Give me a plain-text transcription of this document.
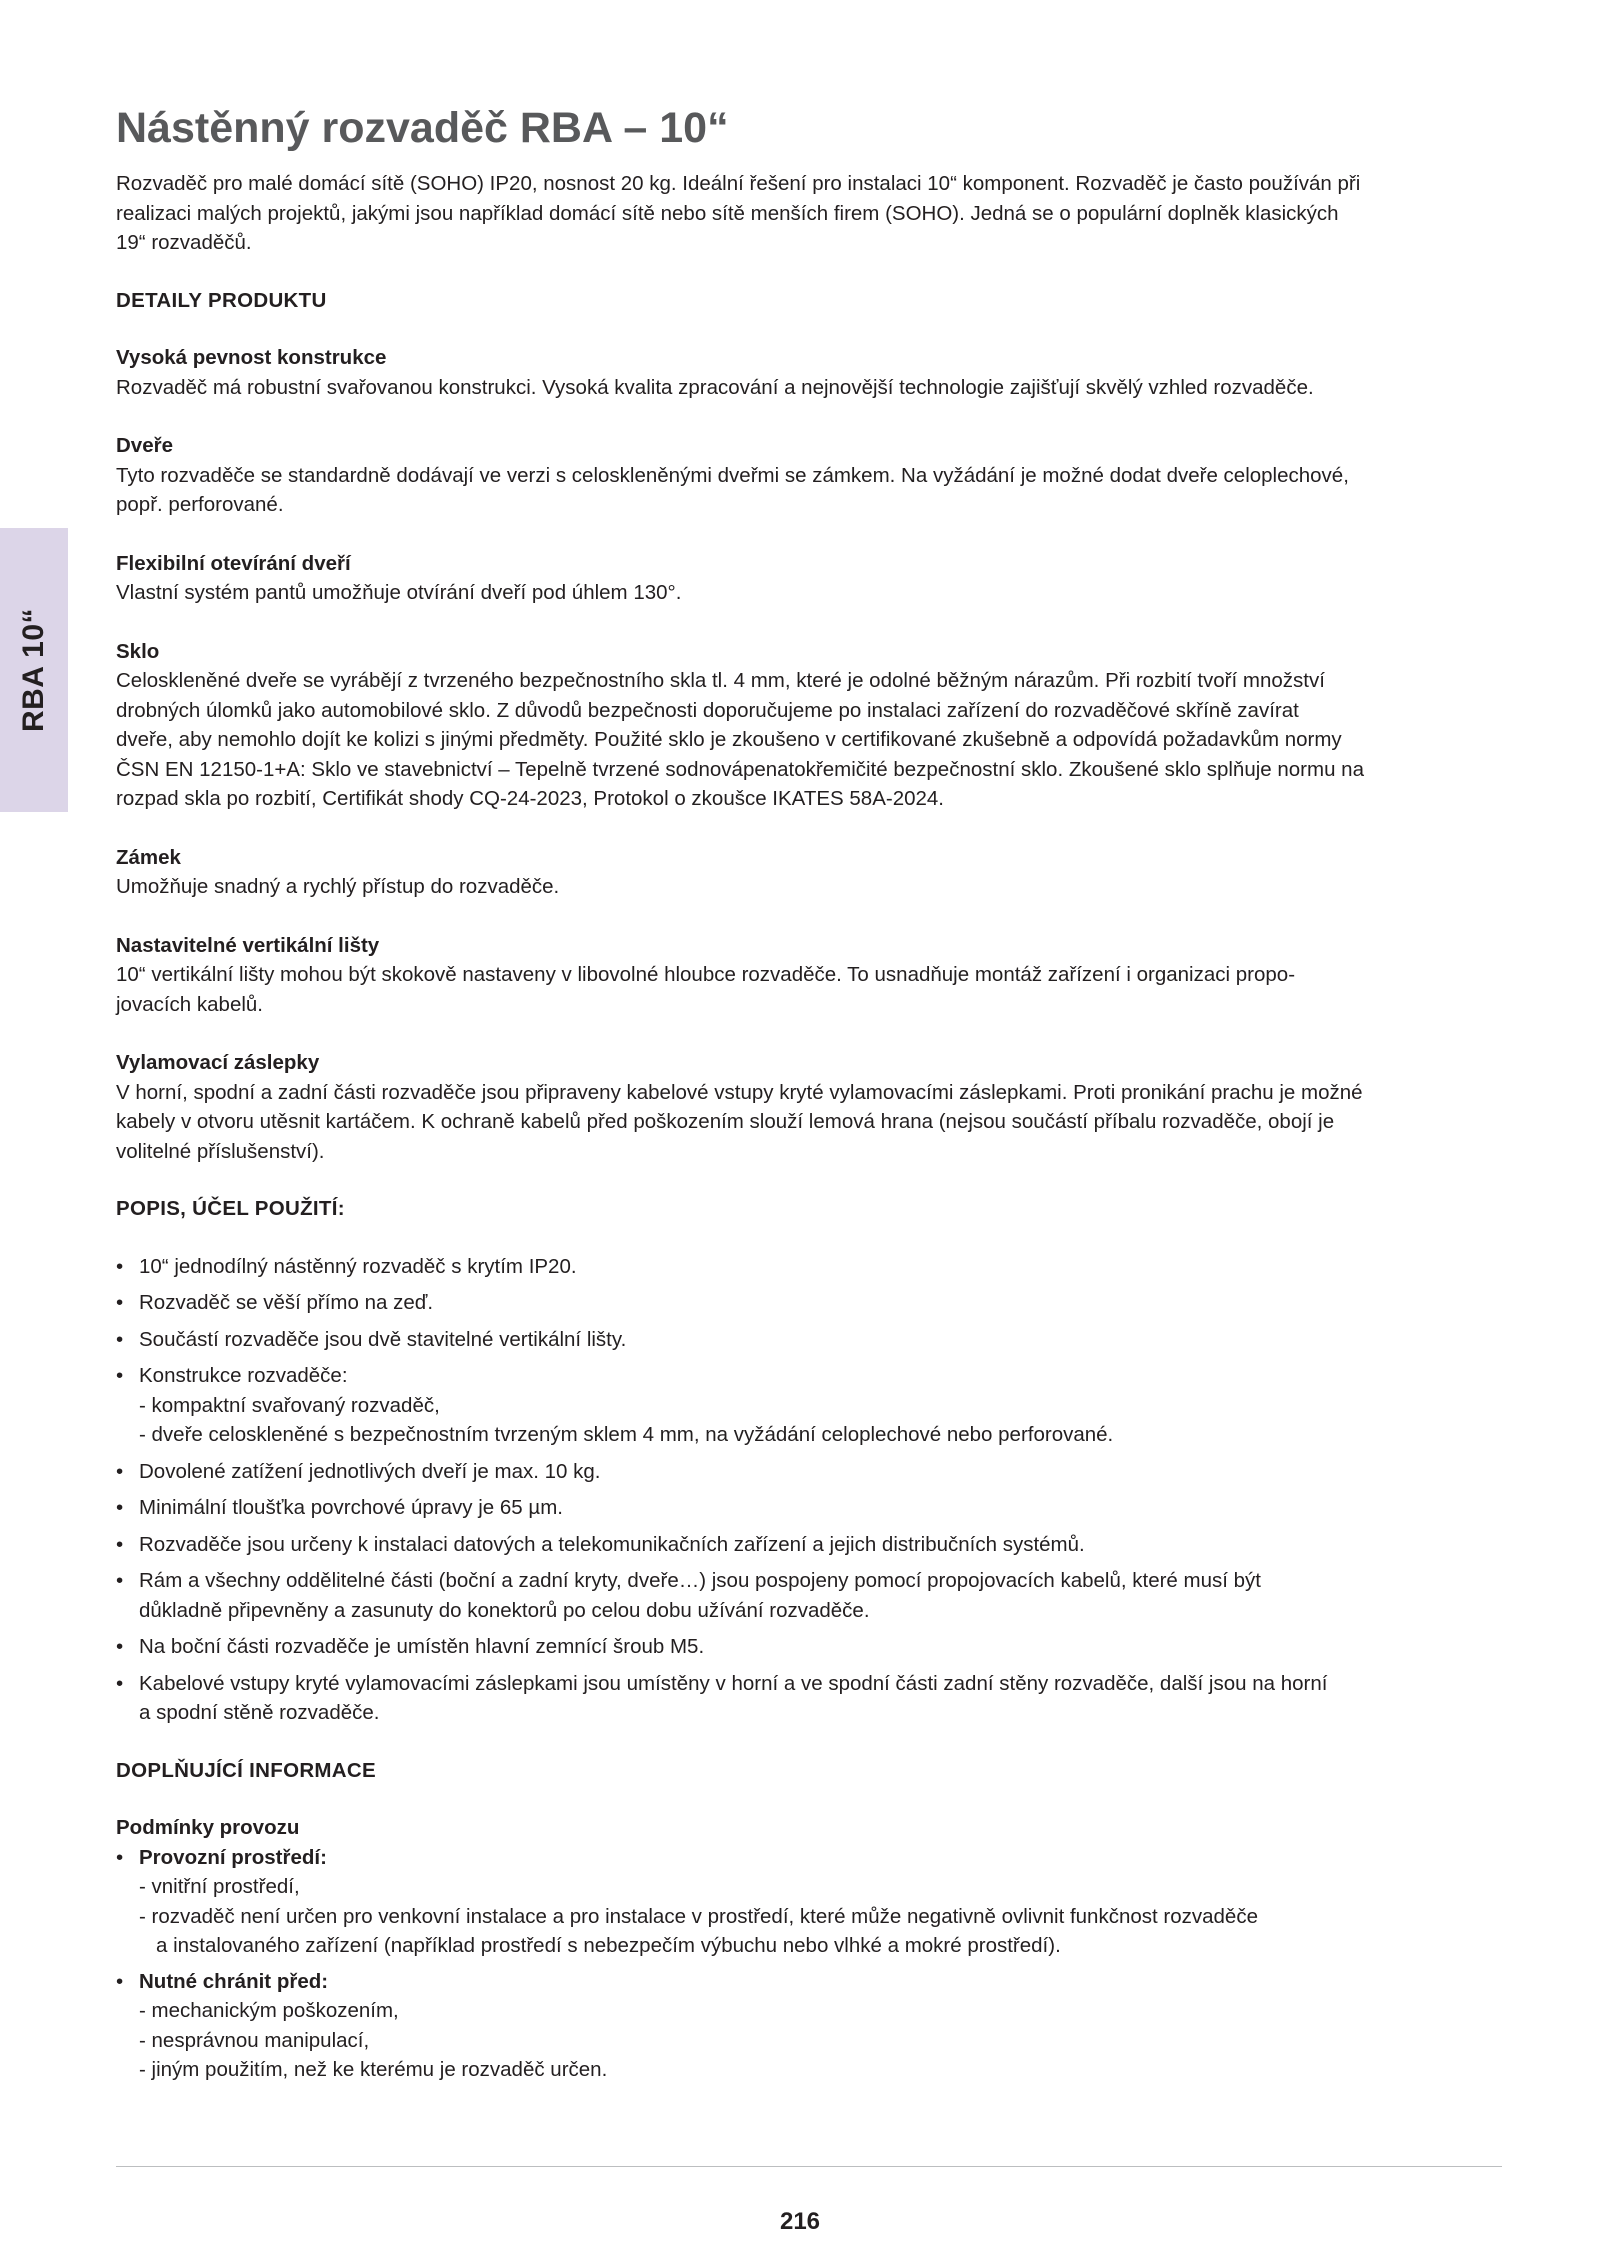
RBA 10“
Nástěnný rozvaděč RBA – 10“

Rozvaděč pro malé domácí sítě (SOHO) IP20, nosnost 20 kg. Ideální řešení pro instalaci 10“ komponent. Rozvaděč je často používán při

realizaci malých projektů, jakými jsou například domácí sítě nebo sítě menších firem (SOHO). Jedná se o populární doplněk klasických

19“ rozvaděčů.

DETAILY PRODUKTU
Vysoká pevnost konstrukce

Rozvaděč má robustní svařovanou konstrukci. Vysoká kvalita zpracování a nejnovější technologie zajišťují skvělý vzhled rozvaděče.

Dveře

Tyto rozvaděče se standardně dodávají ve verzi s celoskleněnými dveřmi se zámkem. Na vyžádání je možné dodat dveře celoplechové,

popř. perforované.

Flexibilní otevírání dveří

Vlastní systém pantů umožňuje otvírání dveří pod úhlem 130°.

Sklo

Celoskleněné dveře se vyrábějí z tvrzeného bezpečnostního skla tl. 4 mm, které je odolné běžným nárazům. Při rozbití tvoří množství

drobných úlomků jako automobilové sklo. Z důvodů bezpečnosti doporučujeme po instalaci zařízení do rozvaděčové skříně zavírat

dveře, aby nemohlo dojít ke kolizi s jinými předměty. Použité sklo je zkoušeno v certifikované zkušebně a odpovídá požadavkům normy

ČSN EN 12150-1+A: Sklo ve stavebnictví – Tepelně tvrzené sodnovápenatokřemičité bezpečnostní sklo. Zkoušené sklo splňuje normu na

rozpad skla po rozbití, Certifikát shody CQ-24-2023, Protokol o zkoušce IKATES 58A-2024.

Zámek

Umožňuje snadný a rychlý přístup do rozvaděče.

Nastavitelné vertikální lišty

10“ vertikální lišty mohou být skokově nastaveny v libovolné hloubce rozvaděče. To usnadňuje montáž zařízení i organizaci propo-

jovacích kabelů.

Vylamovací záslepky

V horní, spodní a zadní části rozvaděče jsou připraveny kabelové vstupy kryté vylamovacími záslepkami. Proti pronikání prachu je možné

kabely v otvoru utěsnit kartáčem. K ochraně kabelů před poškozením slouží lemová hrana (nejsou součástí příbalu rozvaděče, obojí je

volitelné příslušenství).

POPIS, ÚČEL POUŽITÍ:
• 10“ jednodílný nástěnný rozvaděč s krytím IP20.
• Rozvaděč se věší přímo na zeď.
• Součástí rozvaděče jsou dvě stavitelné vertikální lišty.
• Konstrukce rozvaděče:
- kompaktní svařovaný rozvaděč,
- dveře celoskleněné s bezpečnostním tvrzeným sklem 4 mm, na vyžádání celoplechové nebo perforované.
• Dovolené zatížení jednotlivých dveří je max. 10 kg.
• Minimální tloušťka povrchové úpravy je 65 µm.
• Rozvaděče jsou určeny k instalaci datových a telekomunikačních zařízení a jejich distribučních systémů.
• Rám a všechny oddělitelné části (boční a zadní kryty, dveře…) jsou pospojeny pomocí propojovacích kabelů, které musí být
důkladně připevněny a zasunuty do konektorů po celou dobu užívání rozvaděče.
• Na boční části rozvaděče je umístěn hlavní zemnící šroub M5.
• Kabelové vstupy kryté vylamovacími záslepkami jsou umístěny v horní a ve spodní části zadní stěny rozvaděče, další jsou na horní
a spodní stěně rozvaděče.
DOPLŇUJÍCÍ INFORMACE
Podmínky provozu
• Provozní prostředí:
- vnitřní prostředí,
- rozvaděč není určen pro venkovní instalace a pro instalace v prostředí, které může negativně ovlivnit funkčnost rozvaděče
a instalovaného zařízení (například prostředí s nebezpečím výbuchu nebo vlhké a mokré prostředí).
• Nutné chránit před:
- mechanickým poškozením,
- nesprávnou manipulací,
- jiným použitím, než ke kterému je rozvaděč určen.
216
